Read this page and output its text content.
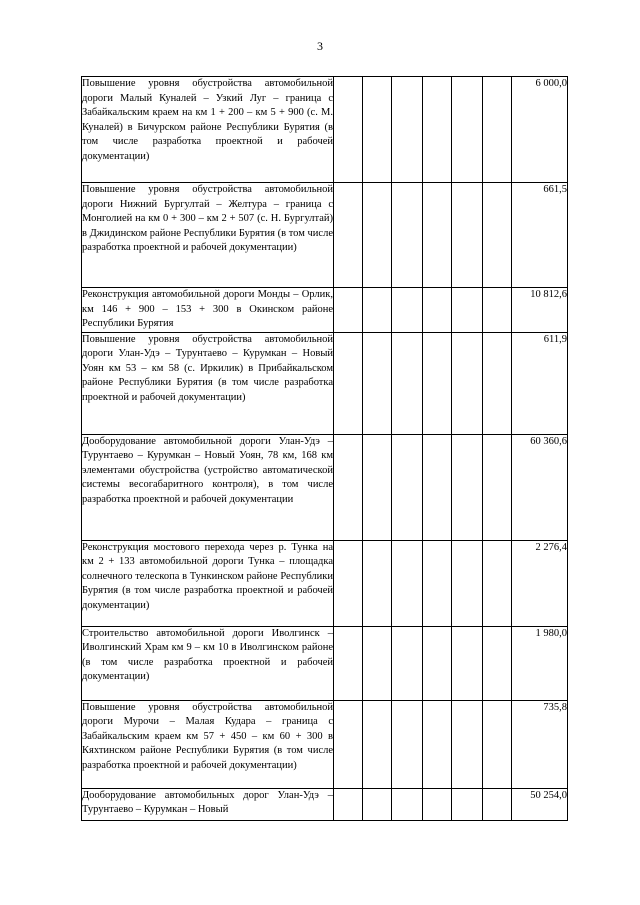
3
Повышение уровня обустройства автомобильной дороги Малый Куналей – Узкий Луг – граница с Забайкальским краем на км 1 + 200 – км 5 + 900 (с. М. Куналей) в Бичурском районе Республики Бурятия (в том числе разработка проектной и рабочей документации)							6 000,0
Повышение уровня обустройства автомобильной дороги Нижний Бургултай – Желтура – граница с Монголией на км 0 + 300 – км 2 + 507 (с. Н. Бургултай) в Джидинском районе Республики Бурятия (в том числе разработка проектной и рабочей документации)							661,5
Реконструкция автомобильной дороги Монды – Орлик, км 146 + 900 – 153 + 300 в Окинском районе Республики Бурятия							10 812,6
Повышение уровня обустройства автомобильной дороги Улан-Удэ – Турунтаево – Курумкан – Новый Уоян км 53 – км 58 (с. Иркилик) в Прибайкальском районе Республики Бурятия (в том числе разработка проектной и рабочей документации)							611,9
Дооборудование автомобильной дороги Улан-Удэ – Турунтаево – Курумкан – Новый Уоян, 78 км, 168 км элементами обустройства (устройство автоматической системы весогабаритного контроля), в том числе разработка проектной и рабочей документации							60 360,6
Реконструкция мостового перехода через р. Тунка на км 2 + 133 автомобильной дороги Тунка – площадка солнечного телескопа в Тункинском районе Республики Бурятия (в том числе разработка проектной и рабочей документации)							2 276,4
Строительство автомобильной дороги Иволгинск – Иволгинский Храм км 9 – км 10 в Иволгинском районе (в том числе разработка проектной и рабочей документации)							1 980,0
Повышение уровня обустройства автомобильной дороги Мурочи – Малая Кудара – граница с Забайкальским краем км 57 + 450 – км 60 + 300 в Кяхтинском районе Республики Бурятия (в том числе разработка проектной и рабочей документации)							735,8
Дооборудование автомобильных дорог Улан-Удэ – Турунтаево – Курумкан – Новый							50 254,0
